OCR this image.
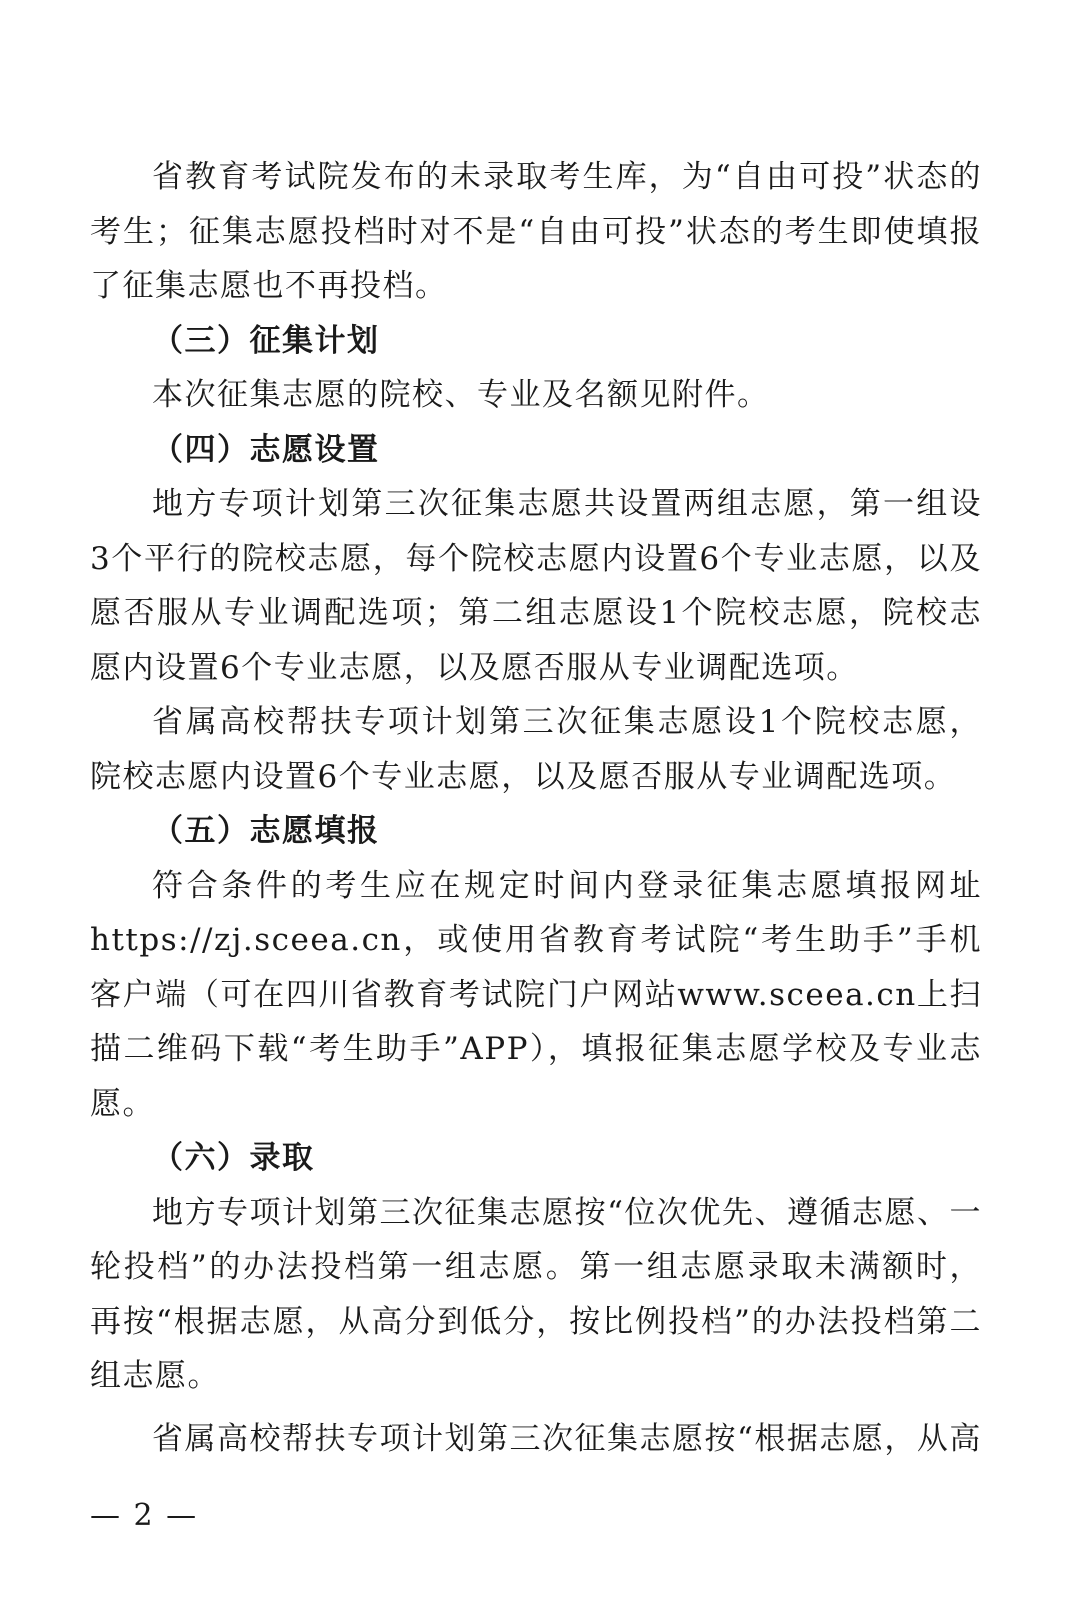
省教育考试院发布的未录取考生库，为“自由可投”状态的考生；征集志愿投档时对不是“自由可投”状态的考生即使填报了征集志愿也不再投档。

（三）征集计划

本次征集志愿的院校、专业及名额见附件。

（四）志愿设置

地方专项计划第三次征集志愿共设置两组志愿，第一组设3个平行的院校志愿，每个院校志愿内设置6个专业志愿，以及愿否服从专业调配选项；第二组志愿设1个院校志愿，院校志愿内设置6个专业志愿，以及愿否服从专业调配选项。

省属高校帮扶专项计划第三次征集志愿设1个院校志愿，院校志愿内设置6个专业志愿，以及愿否服从专业调配选项。

（五）志愿填报

符合条件的考生应在规定时间内登录征集志愿填报网址https://zj.sceea.cn，或使用省教育考试院“考生助手”手机客户端（可在四川省教育考试院门户网站www.sceea.cn上扫描二维码下载“考生助手”APP），填报征集志愿学校及专业志愿。

（六）录取

地方专项计划第三次征集志愿按“位次优先、遵循志愿、一轮投档”的办法投档第一组志愿。第一组志愿录取未满额时，再按“根据志愿，从高分到低分，按比例投档”的办法投档第二组志愿。

省属高校帮扶专项计划第三次征集志愿按“根据志愿，从高

— 2 —
